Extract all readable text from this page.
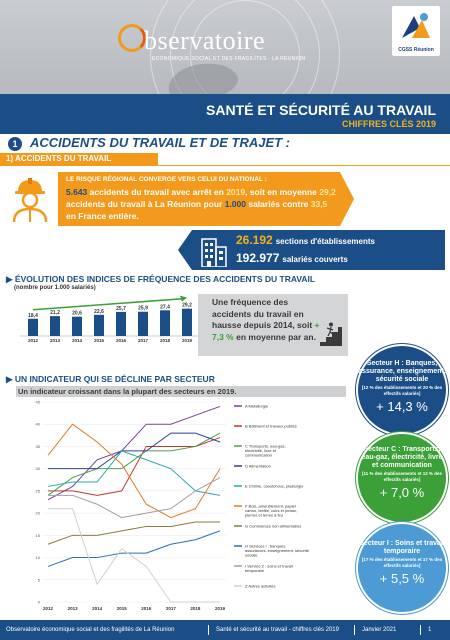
bservatoire
ECONOMIQUE SOCIAL ET DES FRAGILITES - LA REUNION
CGSS Réunion
SANTÉ ET SÉCURITÉ AU TRAVAIL
CHIFFRES CLÉS 2019
1 ACCIDENTS DU TRAVAIL ET DE TRAJET :
1) ACCIDENTS DU TRAVAIL
LE RISQUE RÉGIONAL CONVERGE VERS CELUI DU NATIONAL :
5.643 accidents du travail avec arrêt en 2019, soit en moyenne 29,2 accidents du travail à La Réunion pour 1.000 salariés contre 33,5 en France entière.
26.192 sections d'établissements
192.977 salariés couverts
▶ ÉVOLUTION DES INDICES DE FRÉQUENCE DES ACCIDENTS DU TRAVAIL
(nombre pour 1.000 salariés)
18,4
2012
21,2
2013
20,6
2014
22,6
2015
25,7
2016
25,9
2017
27,4
2018
29,2
2019
Une fréquence des accidents du travail en hausse depuis 2014, soit + 7,3 % en moyenne par an.
▶ UN INDICATEUR QUI SE DÉCLINE PAR SECTEUR
Un indicateur croissant dans la plupart des secteurs en 2019.
0
5
10
15
20
25
30
35
40
45
2012	2013	2014	2015	2016	2017	2018	2019
A Métallurgie
B Bâtiment et travaux publics
C Transports, eau-gaz, électricité, livre et communication
D Alimentation
E Chimie, caoutchouc, plasturgie
F Bois, ameublement, papier carton, textile, cuirs et peaux, pierres et terres à feu
G Commerces non alimentaires
H Services I : banques, assurances, enseignement, sécurité sociale
I Service 2 : soins et travail temporaire
Z Autres activités
Secteur H : Banques, assurance, enseignement, sécurité sociale
[12 % des établissements et 20 % des effectifs salariés]
+ 14,3 %
Secteur C : Transports, eau-gaz, électricité, livre et communication
[11 % des établissements et 12 % des effectifs salariés]
+ 7,0 %
Secteur I : Soins et travail temporaire
[17 % des établissements et 17 % des effectifs salariés]
+ 5,5 %
Observatoire économique social et des fragilités de La Réunion	Santé et sécurité au travail - chiffres clés 2019	Janvier 2021	1
